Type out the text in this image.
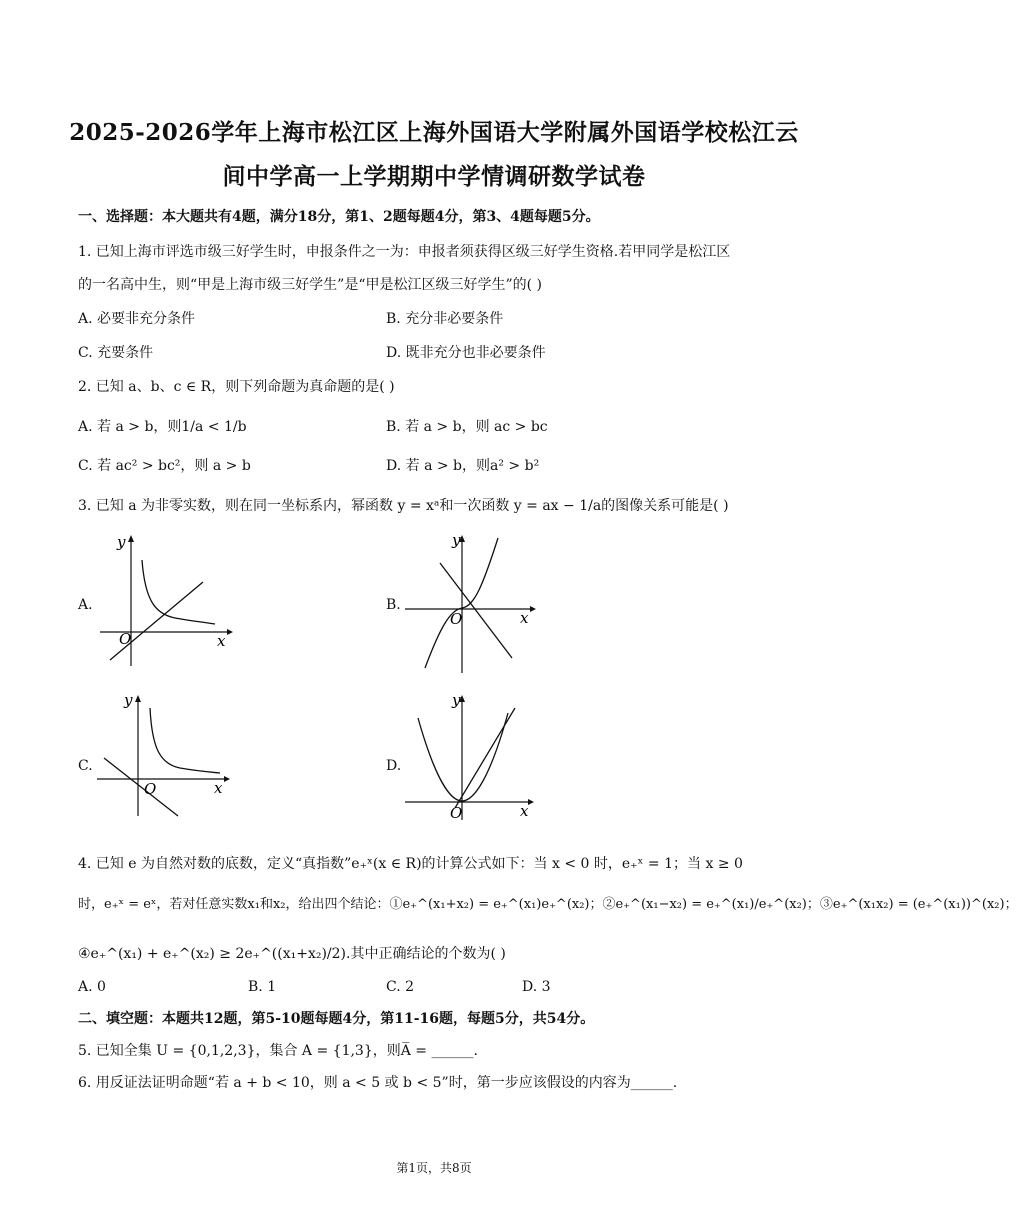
2025-2026学年上海市松江区上海外国语大学附属外国语学校松江云
间中学高一上学期期中学情调研数学试卷
一、选择题：本大题共有4题，满分18分，第1、2题每题4分，第3、4题每题5分。
1. 已知上海市评选市级三好学生时，申报条件之一为：申报者须获得区级三好学生资格.若甲同学是松江区
的一名高中生，则“甲是上海市级三好学生”是“甲是松江区级三好学生”的( )
A. 必要非充分条件	B. 充分非必要条件
C. 充要条件	D. 既非充分也非必要条件
2. 已知 a、b、c ∈ R，则下列命题为真命题的是( )
A. 若 a > b，则1/a < 1/b	B. 若 a > b，则 ac > bc
C. 若 ac² > bc²，则 a > b	D. 若 a > b，则a² > b²
3. 已知 a 为非零实数，则在同一坐标系内，幂函数 y = xᵃ和一次函数 y = ax − 1/a的图像关系可能是( )
A.
O	x
y
B.
O	x
y
C.
O	x
y
D.
O	x
y
4. 已知 e 为自然对数的底数，定义“真指数”e₊ˣ(x ∈ R)的计算公式如下：当 x < 0 时，e₊ˣ = 1；当 x ≥ 0
时，e₊ˣ = eˣ，若对任意实数x₁和x₂，给出四个结论：①e₊^(x₁+x₂) = e₊^(x₁)e₊^(x₂)；②e₊^(x₁−x₂) = e₊^(x₁)/e₊^(x₂)；③e₊^(x₁x₂) = (e₊^(x₁))^(x₂)；
④e₊^(x₁) + e₊^(x₂) ≥ 2e₊^((x₁+x₂)/2).其中正确结论的个数为( )
A. 0	B. 1	C. 2	D. 3
二、填空题：本题共12题，第5-10题每题4分，第11-16题，每题5分，共54分。
5. 已知全集 U = {0,1,2,3}，集合 A = {1,3}，则A̅ = ______.
6. 用反证法证明命题“若 a + b < 10，则 a < 5 或 b < 5”时，第一步应该假设的内容为______.
第1页，共8页
